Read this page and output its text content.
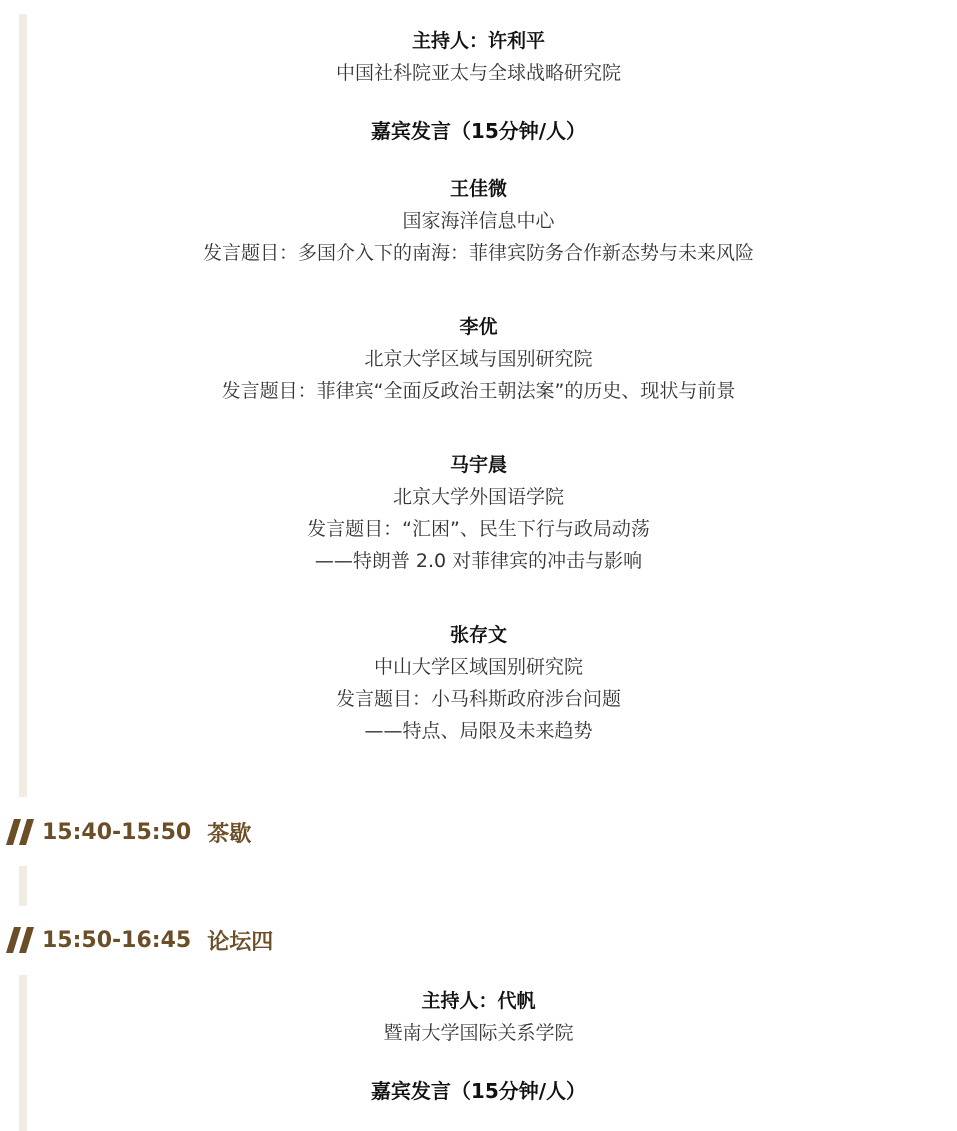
主持人：许利平
中国社科院亚太与全球战略研究院
嘉宾发言（15分钟/人）
王佳微
国家海洋信息中心
发言题目：多国介入下的南海：菲律宾防务合作新态势与未来风险
李优
北京大学区域与国别研究院
发言题目：菲律宾“全面反政治王朝法案”的历史、现状与前景
马宇晨
北京大学外国语学院
发言题目：“汇困”、民生下行与政局动荡
——特朗普 2.0 对菲律宾的冲击与影响
张存文
中山大学区域国别研究院
发言题目：小马科斯政府涉台问题
——特点、局限及未来趋势
15:40-15:50 茶歇
15:50-16:45 论坛四
主持人：代帆
暨南大学国际关系学院
嘉宾发言（15分钟/人）
